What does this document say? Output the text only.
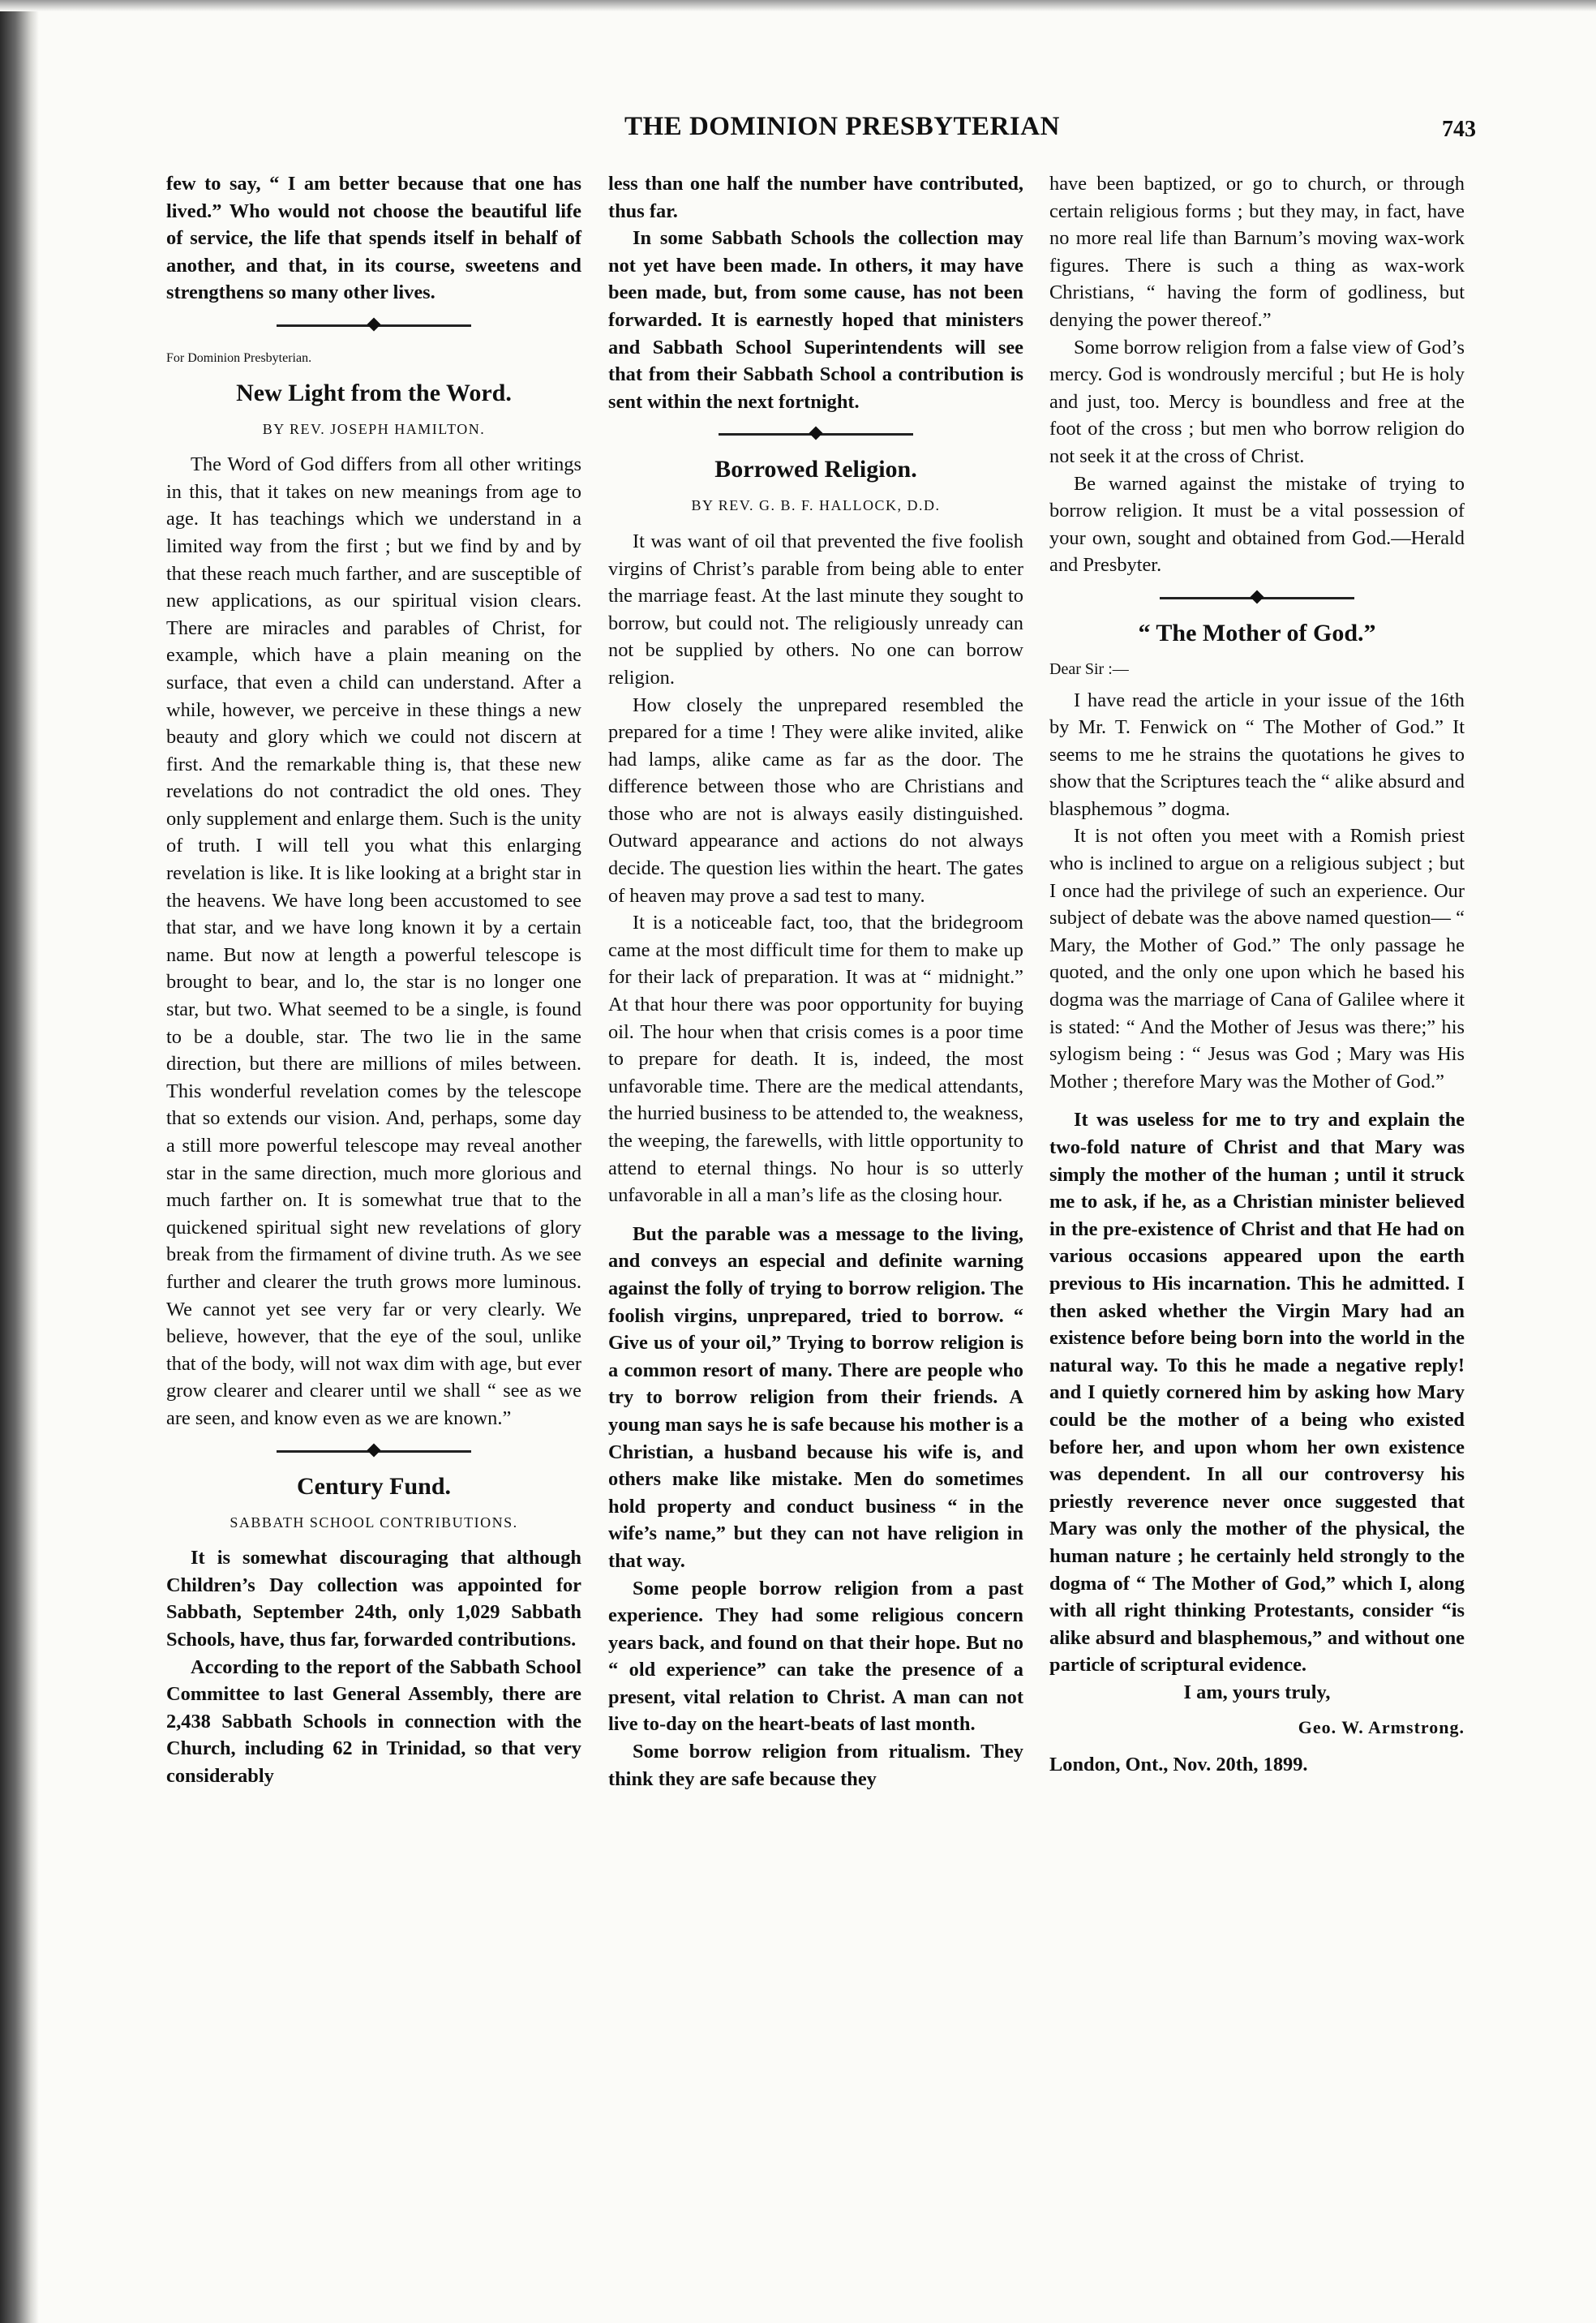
THE DOMINION PRESBYTERIAN	743

few to say, “ I am better because that one has lived.” Who would not choose the beautiful life of service, the life that spends itself in behalf of another, and that, in its course, sweetens and strengthens so many other lives.

For Dominion Presbyterian.
New Light from the Word.
BY REV. JOSEPH HAMILTON.

The Word of God differs from all other writings in this, that it takes on new meanings from age to age. It has teachings which we understand in a limited way from the first ; but we find by and by that these reach much farther, and are susceptible of new applications, as our spiritual vision clears. There are miracles and parables of Christ, for example, which have a plain meaning on the surface, that even a child can understand. After a while, however, we perceive in these things a new beauty and glory which we could not discern at first. And the remarkable thing is, that these new revelations do not contradict the old ones. They only supplement and enlarge them. Such is the unity of truth. I will tell you what this enlarging revelation is like. It is like looking at a bright star in the heavens. We have long been accustomed to see that star, and we have long known it by a certain name. But now at length a powerful telescope is brought to bear, and lo, the star is no longer one star, but two. What seemed to be a single, is found to be a double, star. The two lie in the same direction, but there are millions of miles between. This wonderful revelation comes by the telescope that so extends our vision. And, perhaps, some day a still more powerful telescope may reveal another star in the same direction, much more glorious and much farther on. It is somewhat true that to the quickened spiritual sight new revelations of glory break from the firmament of divine truth. As we see further and clearer the truth grows more luminous. We cannot yet see very far or very clearly. We believe, however, that the eye of the soul, unlike that of the body, will not wax dim with age, but ever grow clearer and clearer until we shall “ see as we are seen, and know even as we are known.”

Century Fund.
SABBATH SCHOOL CONTRIBUTIONS.

It is somewhat discouraging that although Children’s Day collection was appointed for Sabbath, September 24th, only 1,029 Sabbath Schools, have, thus far, forwarded contributions.

According to the report of the Sabbath School Committee to last General Assembly, there are 2,438 Sabbath Schools in connection with the Church, including 62 in Trinidad, so that very considerably

less than one half the number have contributed, thus far.

In some Sabbath Schools the collection may not yet have been made. In others, it may have been made, but, from some cause, has not been forwarded. It is earnestly hoped that ministers and Sabbath School Superintendents will see that from their Sabbath School a contribution is sent within the next fortnight.

Borrowed Religion.
BY REV. G. B. F. HALLOCK, D.D.

It was want of oil that prevented the five foolish virgins of Christ’s parable from being able to enter the marriage feast. At the last minute they sought to borrow, but could not. The religiously unready can not be supplied by others. No one can borrow religion.

How closely the unprepared resembled the prepared for a time ! They were alike invited, alike had lamps, alike came as far as the door. The difference between those who are Christians and those who are not is always easily distinguished. Outward appearance and actions do not always decide. The question lies within the heart. The gates of heaven may prove a sad test to many.

It is a noticeable fact, too, that the bridegroom came at the most difficult time for them to make up for their lack of preparation. It was at “ midnight.” At that hour there was poor opportunity for buying oil. The hour when that crisis comes is a poor time to prepare for death. It is, indeed, the most unfavorable time. There are the medical attendants, the hurried business to be attended to, the weakness, the weeping, the farewells, with little opportunity to attend to eternal things. No hour is so utterly unfavorable in all a man’s life as the closing hour.

But the parable was a message to the living, and conveys an especial and definite warning against the folly of trying to borrow religion. The foolish virgins, unprepared, tried to borrow. “ Give us of your oil,” Trying to borrow religion is a common resort of many. There are people who try to borrow religion from their friends. A young man says he is safe because his mother is a Christian, a husband because his wife is, and others make like mistake. Men do sometimes hold property and conduct business “ in the wife’s name,” but they can not have religion in that way.

Some people borrow religion from a past experience. They had some religious concern years back, and found on that their hope. But no “ old experience” can take the presence of a present, vital relation to Christ. A man can not live to-day on the heart-beats of last month.

Some borrow religion from ritualism. They think they are safe because they

have been baptized, or go to church, or through certain religious forms ; but they may, in fact, have no more real life than Barnum’s moving wax-work figures. There is such a thing as wax-work Christians, “ having the form of godliness, but denying the power thereof.”

Some borrow religion from a false view of God’s mercy. God is wondrously merciful ; but He is holy and just, too. Mercy is boundless and free at the foot of the cross ; but men who borrow religion do not seek it at the cross of Christ.

Be warned against the mistake of trying to borrow religion. It must be a vital possession of your own, sought and obtained from God.—Herald and Presbyter.

“ The Mother of God.”
Dear Sir :—

I have read the article in your issue of the 16th by Mr. T. Fenwick on “ The Mother of God.” It seems to me he strains the quotations he gives to show that the Scriptures teach the “ alike absurd and blasphemous ” dogma.

It is not often you meet with a Romish priest who is inclined to argue on a religious subject ; but I once had the privilege of such an experience. Our subject of debate was the above named question— “ Mary, the Mother of God.” The only passage he quoted, and the only one upon which he based his dogma was the marriage of Cana of Galilee where it is stated: “ And the Mother of Jesus was there;” his sylogism being : “ Jesus was God ; Mary was His Mother ; therefore Mary was the Mother of God.”

It was useless for me to try and explain the two-fold nature of Christ and that Mary was simply the mother of the human ; until it struck me to ask, if he, as a Christian minister believed in the pre-existence of Christ and that He had on various occasions appeared upon the earth previous to His incarnation. This he admitted. I then asked whether the Virgin Mary had an existence before being born into the world in the natural way. To this he made a negative reply! and I quietly cornered him by asking how Mary could be the mother of a being who existed before her, and upon whom her own existence was dependent. In all our controversy his priestly reverence never once suggested that Mary was only the mother of the physical, the human nature ; he certainly held strongly to the dogma of “ The Mother of God,” which I, along with all right thinking Protestants, consider “is alike absurd and blasphemous,” and without one particle of scriptural evidence.

I am, yours truly,
Geo. W. Armstrong.
London, Ont., Nov. 20th, 1899.
